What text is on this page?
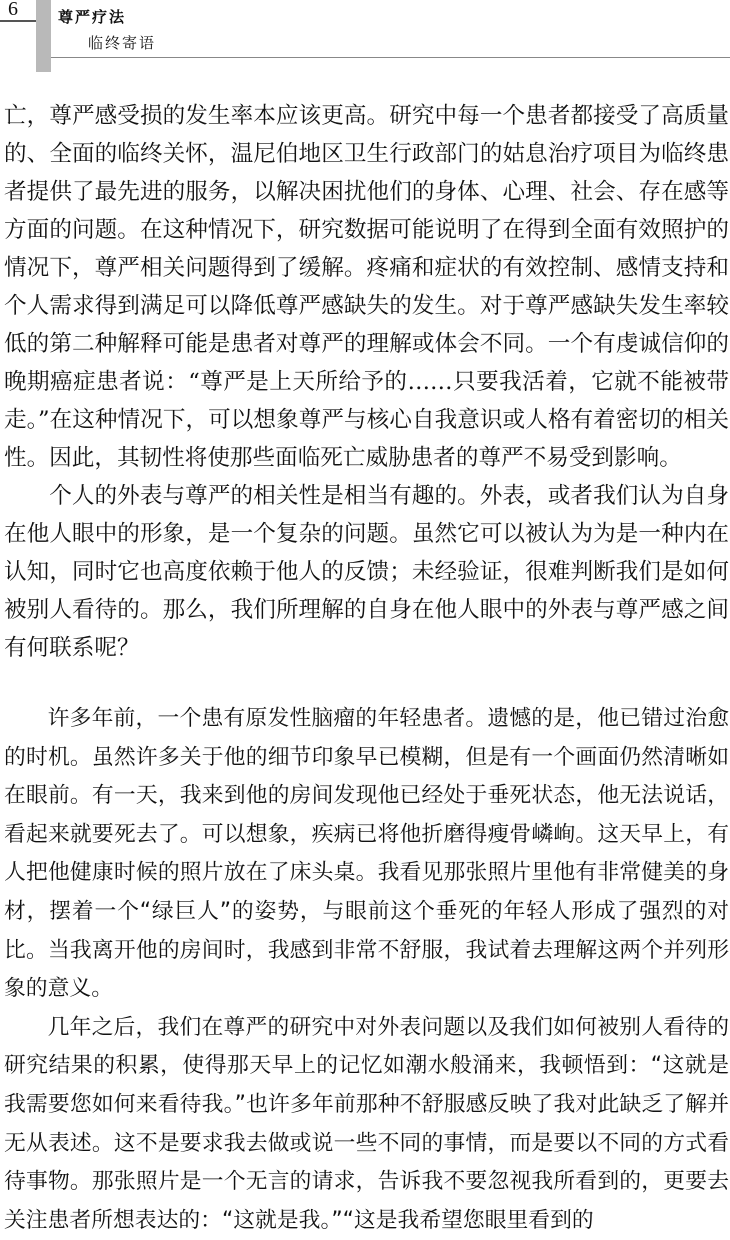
6	尊严疗法
临终寄语

亡，尊严感受损的发生率本应该更高。研究中每一个患者都接受了高质量的、全面的临终关怀，温尼伯地区卫生行政部门的姑息治疗项目为临终患者提供了最先进的服务，以解决困扰他们的身体、心理、社会、存在感等方面的问题。在这种情况下，研究数据可能说明了在得到全面有效照护的情况下，尊严相关问题得到了缓解。疼痛和症状的有效控制、感情支持和个人需求得到满足可以降低尊严感缺失的发生。对于尊严感缺失发生率较低的第二种解释可能是患者对尊严的理解或体会不同。一个有虔诚信仰的晚期癌症患者说：“尊严是上天所给予的……只要我活着，它就不能被带走。”在这种情况下，可以想象尊严与核心自我意识或人格有着密切的相关性。因此，其韧性将使那些面临死亡威胁患者的尊严不易受到影响。

个人的外表与尊严的相关性是相当有趣的。外表，或者我们认为自身在他人眼中的形象，是一个复杂的问题。虽然它可以被认为为是一种内在认知，同时它也高度依赖于他人的反馈；未经验证，很难判断我们是如何被别人看待的。那么，我们所理解的自身在他人眼中的外表与尊严感之间有何联系呢？

许多年前，一个患有原发性脑瘤的年轻患者。遗憾的是，他已错过治愈的时机。虽然许多关于他的细节印象早已模糊，但是有一个画面仍然清晰如在眼前。有一天，我来到他的房间发现他已经处于垂死状态，他无法说话，看起来就要死去了。可以想象，疾病已将他折磨得瘦骨嶙峋。这天早上，有人把他健康时候的照片放在了床头桌。我看见那张照片里他有非常健美的身材，摆着一个“绿巨人”的姿势，与眼前这个垂死的年轻人形成了强烈的对比。当我离开他的房间时，我感到非常不舒服，我试着去理解这两个并列形象的意义。

几年之后，我们在尊严的研究中对外表问题以及我们如何被别人看待的研究结果的积累，使得那天早上的记忆如潮水般涌来，我顿悟到：“这就是我需要您如何来看待我。”也许多年前那种不舒服感反映了我对此缺乏了解并无从表述。这不是要求我去做或说一些不同的事情，而是要以不同的方式看待事物。那张照片是一个无言的请求，告诉我不要忽视我所看到的，更要去关注患者所想表达的：“这就是我。”“这是我希望您眼里看到的
